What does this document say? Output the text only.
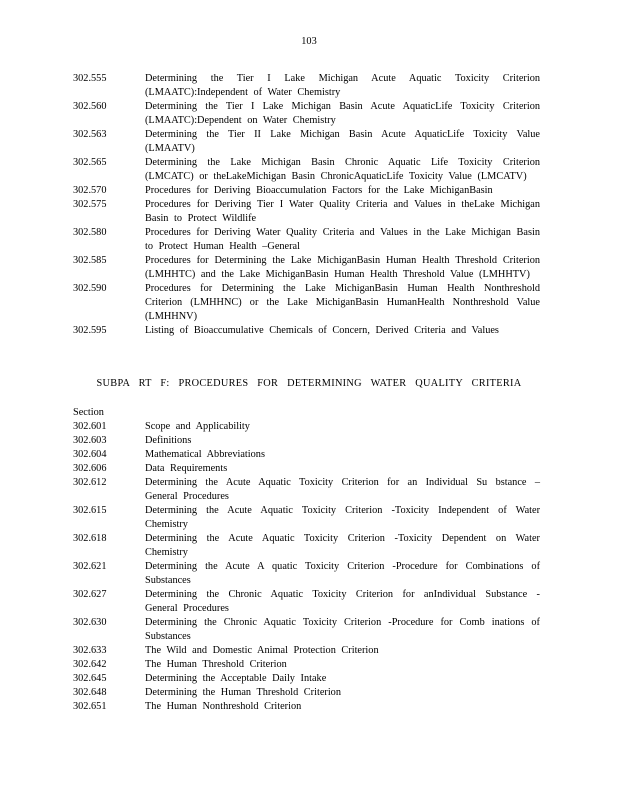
103
302.555	Determining the Tier I Lake Michigan Acute Aquatic Toxicity Criterion (LMAATC):Independent of Water Chemistry
302.560	Determining the Tier I Lake Michigan Basin Acute AquaticLife Toxicity Criterion (LMAATC):Dependent on Water Chemistry
302.563	Determining the Tier II Lake Michigan Basin Acute AquaticLife Toxicity Value (LMAATV)
302.565	Determining the Lake Michigan Basin Chronic Aquatic Life Toxicity Criterion (LMCATC) or theLakeMichigan Basin ChronicAquaticLife Toxicity Value (LMCATV)
302.570	Procedures for Deriving Bioaccumulation Factors for the Lake MichiganBasin
302.575	Procedures for Deriving Tier I Water Quality Criteria and Values in theLake Michigan Basin to Protect Wildlife
302.580	Procedures for Deriving Water Quality Criteria and Values in the Lake Michigan Basin to Protect Human Health –General
302.585	Procedures for Determining the Lake MichiganBasin Human Health Threshold Criterion (LMHHTC) and the Lake MichiganBasin Human Health Threshold Value (LMHHTV)
302.590	Procedures for Determining the Lake MichiganBasin Human Health Nonthreshold Criterion (LMHHNC) or the Lake MichiganBasin HumanHealth Nonthreshold Value (LMHHNV)
302.595	Listing of Bioaccumulative Chemicals of Concern, Derived Criteria and Values
SUBPA RT F: PROCEDURES FOR DETERMINING WATER QUALITY CRITERIA
Section
302.601	Scope and Applicability
302.603	Definitions
302.604	Mathematical Abbreviations
302.606	Data Requirements
302.612	Determining the Acute Aquatic Toxicity Criterion for an Individual Su bstance – General Procedures
302.615	Determining the Acute Aquatic Toxicity Criterion -Toxicity Independent of Water Chemistry
302.618	Determining the Acute Aquatic Toxicity Criterion -Toxicity Dependent on Water Chemistry
302.621	Determining the Acute A quatic Toxicity Criterion -Procedure for Combinations of Substances
302.627	Determining the Chronic Aquatic Toxicity Criterion for anIndividual Substance - General Procedures
302.630	Determining the Chronic Aquatic Toxicity Criterion -Procedure for Comb inations of Substances
302.633	The Wild and Domestic Animal Protection Criterion
302.642	The Human Threshold Criterion
302.645	Determining the Acceptable Daily Intake
302.648	Determining the Human Threshold Criterion
302.651	The Human Nonthreshold Criterion
